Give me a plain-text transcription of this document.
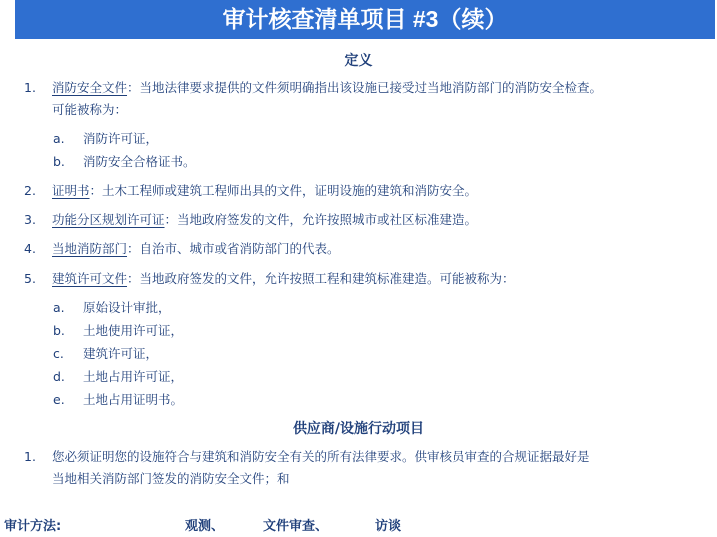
审计核查清单项目 #3（续）
定义
1. 消防安全文件：当地法律要求提供的文件须明确指出该设施已接受过当地消防部门的消防安全检查。
可能被称为：
a. 消防许可证，
b. 消防安全合格证书。
2. 证明书：土木工程师或建筑工程师出具的文件，证明设施的建筑和消防安全。
3. 功能分区规划许可证：当地政府签发的文件，允许按照城市或社区标准建造。
4. 当地消防部门：自治市、城市或省消防部门的代表。
5. 建筑许可文件：当地政府签发的文件，允许按照工程和建筑标准建造。可能被称为：
a. 原始设计审批，
b. 土地使用许可证，
c. 建筑许可证，
d. 土地占用许可证，
e. 土地占用证明书。
供应商/设施行动项目
1. 您必须证明您的设施符合与建筑和消防安全有关的所有法律要求。供审核员审查的合规证据最好是
当地相关消防部门签发的消防安全文件；和
审计方法:	观测、	文件审查、	访谈
